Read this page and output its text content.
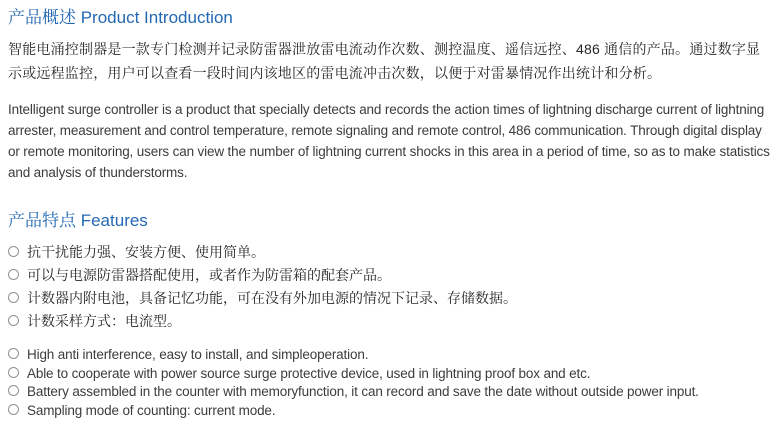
产品概述 Product Introduction

智能电涌控制器是一款专门检测并记录防雷器泄放雷电流动作次数、测控温度、遥信远控、486 通信的产品。通过数字显示或远程监控，用户可以查看一段时间内该地区的雷电流冲击次数，以便于对雷暴情况作出统计和分析。

Intelligent surge controller is a product that specially detects and records the action times of lightning discharge current of lightning arrester, measurement and control temperature, remote signaling and remote control, 486 communication. Through digital display or remote monitoring, users can view the number of lightning current shocks in this area in a period of time, so as to make statistics and analysis of thunderstorms.

产品特点 Features
抗干扰能力强、安装方便、使用简单。
可以与电源防雷器搭配使用，或者作为防雷箱的配套产品。
计数器内附电池，具备记忆功能，可在没有外加电源的情况下记录、存储数据。
计数采样方式：电流型。
High anti interference, easy to install, and simpleoperation.
Able to cooperate with power source surge protective device, used in lightning proof box and etc.
Battery assembled in the counter with memoryfunction, it can record and save the date without outside power input.
Sampling mode of counting: current mode.
